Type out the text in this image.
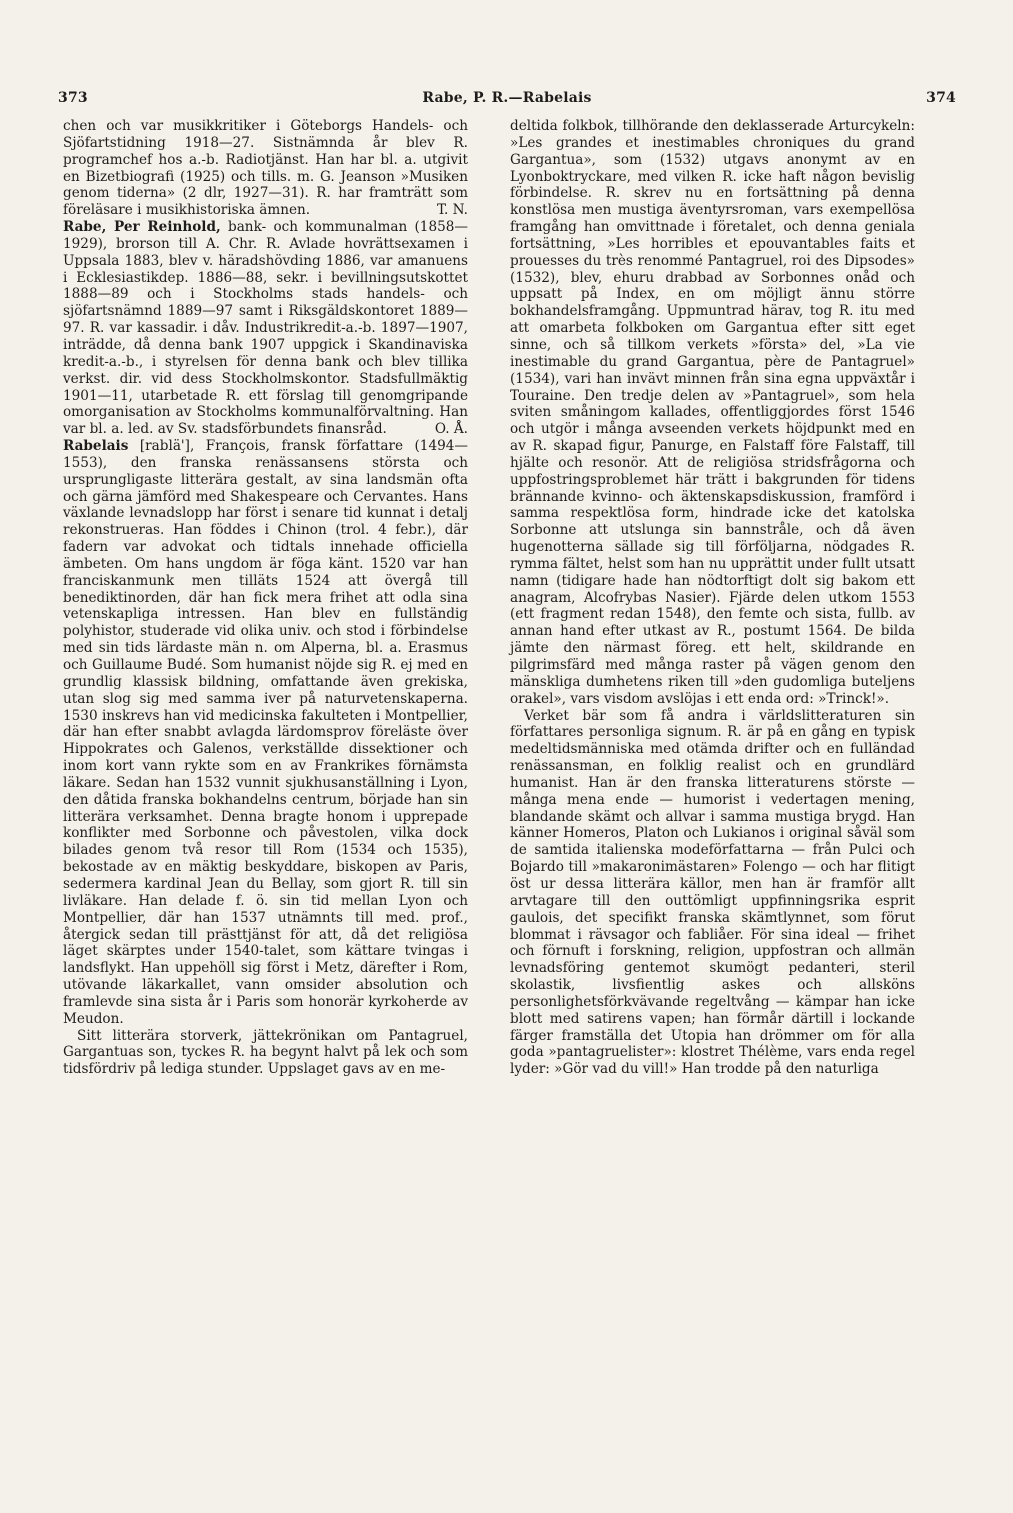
373	Rabe, P. R.—Rabelais	374

chen och var musikkritiker i Göteborgs Handels- och Sjöfartstidning 1918—27. Sistnämnda år blev R. programchef hos a.-b. Radiotjänst. Han har bl. a. utgivit en Bizetbiografi (1925) och tills. m. G. Jeanson »Musiken genom tiderna» (2 dlr, 1927—31). R. har framträtt som föreläsare i musikhistoriska ämnen.	T. N.

Rabe, Per Reinhold, bank- och kommunalman (1858—1929), brorson till A. Chr. R. Avlade hovrättsexamen i Uppsala 1883, blev v. häradshövding 1886, var amanuens i Ecklesiastikdep. 1886—88, sekr. i bevillningsutskottet 1888—89 och i Stockholms stads handels- och sjöfartsnämnd 1889—97 samt i Riksgäldskontoret 1889—97. R. var kassadir. i dåv. Industrikredit-a.-b. 1897—1907, inträdde, då denna bank 1907 uppgick i Skandinaviska kredit-a.-b., i styrelsen för denna bank och blev tillika verkst. dir. vid dess Stockholmskontor. Stadsfullmäktig 1901—11, utarbetade R. ett förslag till genomgripande omorganisation av Stockholms kommunalförvaltning. Han var bl. a. led. av Sv. stadsförbundets finansråd.	O. Å.

Rabelais [rablä'], François, fransk författare (1494—1553), den franska renässansens största och ursprungligaste litterära gestalt, av sina landsmän ofta och gärna jämförd med Shakespeare och Cervantes. Hans växlande levnadslopp har först i senare tid kunnat i detalj rekonstrueras. Han föddes i Chinon (trol. 4 febr.), där fadern var advokat och tidtals innehade officiella ämbeten. Om hans ungdom är föga känt. 1520 var han franciskanmunk men tilläts 1524 att övergå till benediktinorden, där han fick mera frihet att odla sina vetenskapliga intressen. Han blev en fullständig polyhistor, studerade vid olika univ. och stod i förbindelse med sin tids lärdaste män n. om Alperna, bl. a. Erasmus och Guillaume Budé. Som humanist nöjde sig R. ej med en grundlig klassisk bildning, omfattande även grekiska, utan slog sig med samma iver på naturvetenskaperna. 1530 inskrevs han vid medicinska fakulteten i Montpellier, där han efter snabbt avlagda lärdomsprov föreläste över Hippokrates och Galenos, verkställde dissektioner och inom kort vann rykte som en av Frankrikes förnämsta läkare. Sedan han 1532 vunnit sjukhusanställning i Lyon, den dåtida franska bokhandelns centrum, började han sin litterära verksamhet. Denna bragte honom i upprepade konflikter med Sorbonne och påvestolen, vilka dock bilades genom två resor till Rom (1534 och 1535), bekostade av en mäktig beskyddare, biskopen av Paris, sedermera kardinal Jean du Bellay, som gjort R. till sin livläkare. Han delade f. ö. sin tid mellan Lyon och Montpellier, där han 1537 utnämnts till med. prof., återgick sedan till prästtjänst för att, då det religiösa läget skärptes under 1540-talet, som kättare tvingas i landsflykt. Han uppehöll sig först i Metz, därefter i Rom, utövande läkarkallet, vann omsider absolution och framlevde sina sista år i Paris som honorär kyrkoherde av Meudon.

Sitt litterära storverk, jättekrönikan om Pantagruel, Gargantuas son, tyckes R. ha begynt halvt på lek och som tidsfördriv på lediga stunder. Uppslaget gavs av en me-

deltida folkbok, tillhörande den deklasserade Arturcykeln: »Les grandes et inestimables chroniques du grand Gargantua», som (1532) utgavs anonymt av en Lyonboktryckare, med vilken R. icke haft någon bevislig förbindelse. R. skrev nu en fortsättning på denna konstlösa men mustiga äventyrsroman, vars exempellösa framgång han omvittnade i företalet, och denna geniala fortsättning, »Les horribles et epouvantables faits et prouesses du très renommé Pantagruel, roi des Dipsodes» (1532), blev, ehuru drabbad av Sorbonnes onåd och uppsatt på Index, en om möjligt ännu större bokhandelsframgång. Uppmuntrad härav, tog R. itu med att omarbeta folkboken om Gargantua efter sitt eget sinne, och så tillkom verkets »första» del, »La vie inestimable du grand Gargantua, père de Pantagruel» (1534), vari han invävt minnen från sina egna uppväxtår i Touraine. Den tredje delen av »Pantagruel», som hela sviten småningom kallades, offentliggjordes först 1546 och utgör i många avseenden verkets höjdpunkt med en av R. skapad figur, Panurge, en Falstaff före Falstaff, till hjälte och resonör. Att de religiösa stridsfrågorna och uppfostringsproblemet här trätt i bakgrunden för tidens brännande kvinno- och äktenskapsdiskussion, framförd i samma respektlösa form, hindrade icke det katolska Sorbonne att utslunga sin bannstråle, och då även hugenotterna sällade sig till förföljarna, nödgades R. rymma fältet, helst som han nu upprättit under fullt utsatt namn (tidigare hade han nödtorftigt dolt sig bakom ett anagram, Alcofrybas Nasier). Fjärde delen utkom 1553 (ett fragment redan 1548), den femte och sista, fullb. av annan hand efter utkast av R., postumt 1564. De bilda jämte den närmast föreg. ett helt, skildrande en pilgrimsfärd med många raster på vägen genom den mänskliga dumhetens riken till »den gudomliga buteljens orakel», vars visdom avslöjas i ett enda ord: »Trinck!».

Verket bär som få andra i världslitteraturen sin författares personliga signum. R. är på en gång en typisk medeltidsmänniska med otämda drifter och en fulländad renässansman, en folklig realist och en grundlärd humanist. Han är den franska litteraturens störste — många mena ende — humorist i vedertagen mening, blandande skämt och allvar i samma mustiga brygd. Han känner Homeros, Platon och Lukianos i original såväl som de samtida italienska modeförfattarna — från Pulci och Bojardo till »makaronimästaren» Folengo — och har flitigt öst ur dessa litterära källor, men han är framför allt arvtagare till den outtömligt uppfinningsrika esprit gaulois, det specifikt franska skämtlynnet, som förut blommat i rävsagor och fabliåer. För sina ideal — frihet och förnuft i forskning, religion, uppfostran och allmän levnadsföring gentemot skumögt pedanteri, steril skolastik, livsfientlig askes och allsköns personlighetsförkvävande regeltvång — kämpar han icke blott med satirens vapen; han förmår därtill i lockande färger framställa det Utopia han drömmer om för alla goda »pantagruelister»: klostret Thélème, vars enda regel lyder: »Gör vad du vill!» Han trodde på den naturliga
